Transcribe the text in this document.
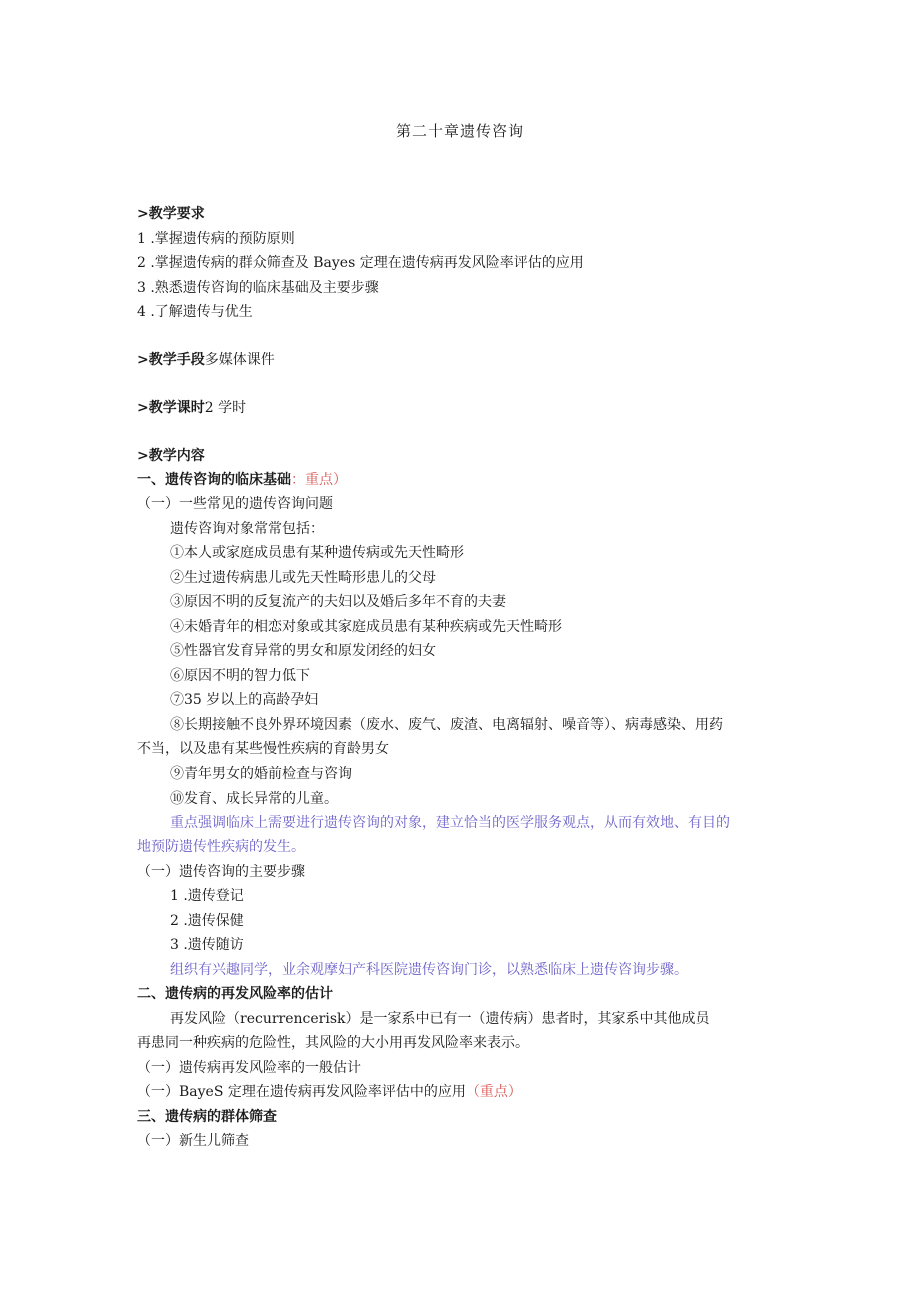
第二十章遗传咨询
>教学要求
1 .掌握遗传病的预防原则
2 .掌握遗传病的群众筛查及 Bayes 定理在遗传病再发风险率评估的应用
3 .熟悉遗传咨询的临床基础及主要步骤
4 .了解遗传与优生
>教学手段多媒体课件
>教学课时2 学时
>教学内容
一、遗传咨询的临床基础：重点）
（一）一些常见的遗传咨询问题
遗传咨询对象常常包括：
①本人或家庭成员患有某种遗传病或先天性畸形
②生过遗传病患儿或先天性畸形患儿的父母
③原因不明的反复流产的夫妇以及婚后多年不育的夫妻
④未婚青年的相恋对象或其家庭成员患有某种疾病或先天性畸形
⑤性器官发育异常的男女和原发闭经的妇女
⑥原因不明的智力低下
⑦35 岁以上的高龄孕妇
⑧长期接触不良外界环境因素（废水、废气、废渣、电离辐射、噪音等）、病毒感染、用药
不当，以及患有某些慢性疾病的育龄男女
⑨青年男女的婚前检查与咨询
⑩发育、成长异常的儿童。
重点强调临床上需要进行遗传咨询的对象，建立恰当的医学服务观点，从而有效地、有目的
地预防遗传性疾病的发生。
（一）遗传咨询的主要步骤
1 .遗传登记
2 .遗传保健
3 .遗传随访
组织有兴趣同学，业余观摩妇产科医院遗传咨询门诊，以熟悉临床上遗传咨询步骤。
二、遗传病的再发风险率的估计
再发风险（recurrencerisk）是一家系中已有一（遗传病）患者时，其家系中其他成员
再患同一种疾病的危险性，其风险的大小用再发风险率来表示。
（一）遗传病再发风险率的一般估计
（一）BayeS 定理在遗传病再发风险率评估中的应用（重点）
三、遗传病的群体筛查
（一）新生儿筛查
